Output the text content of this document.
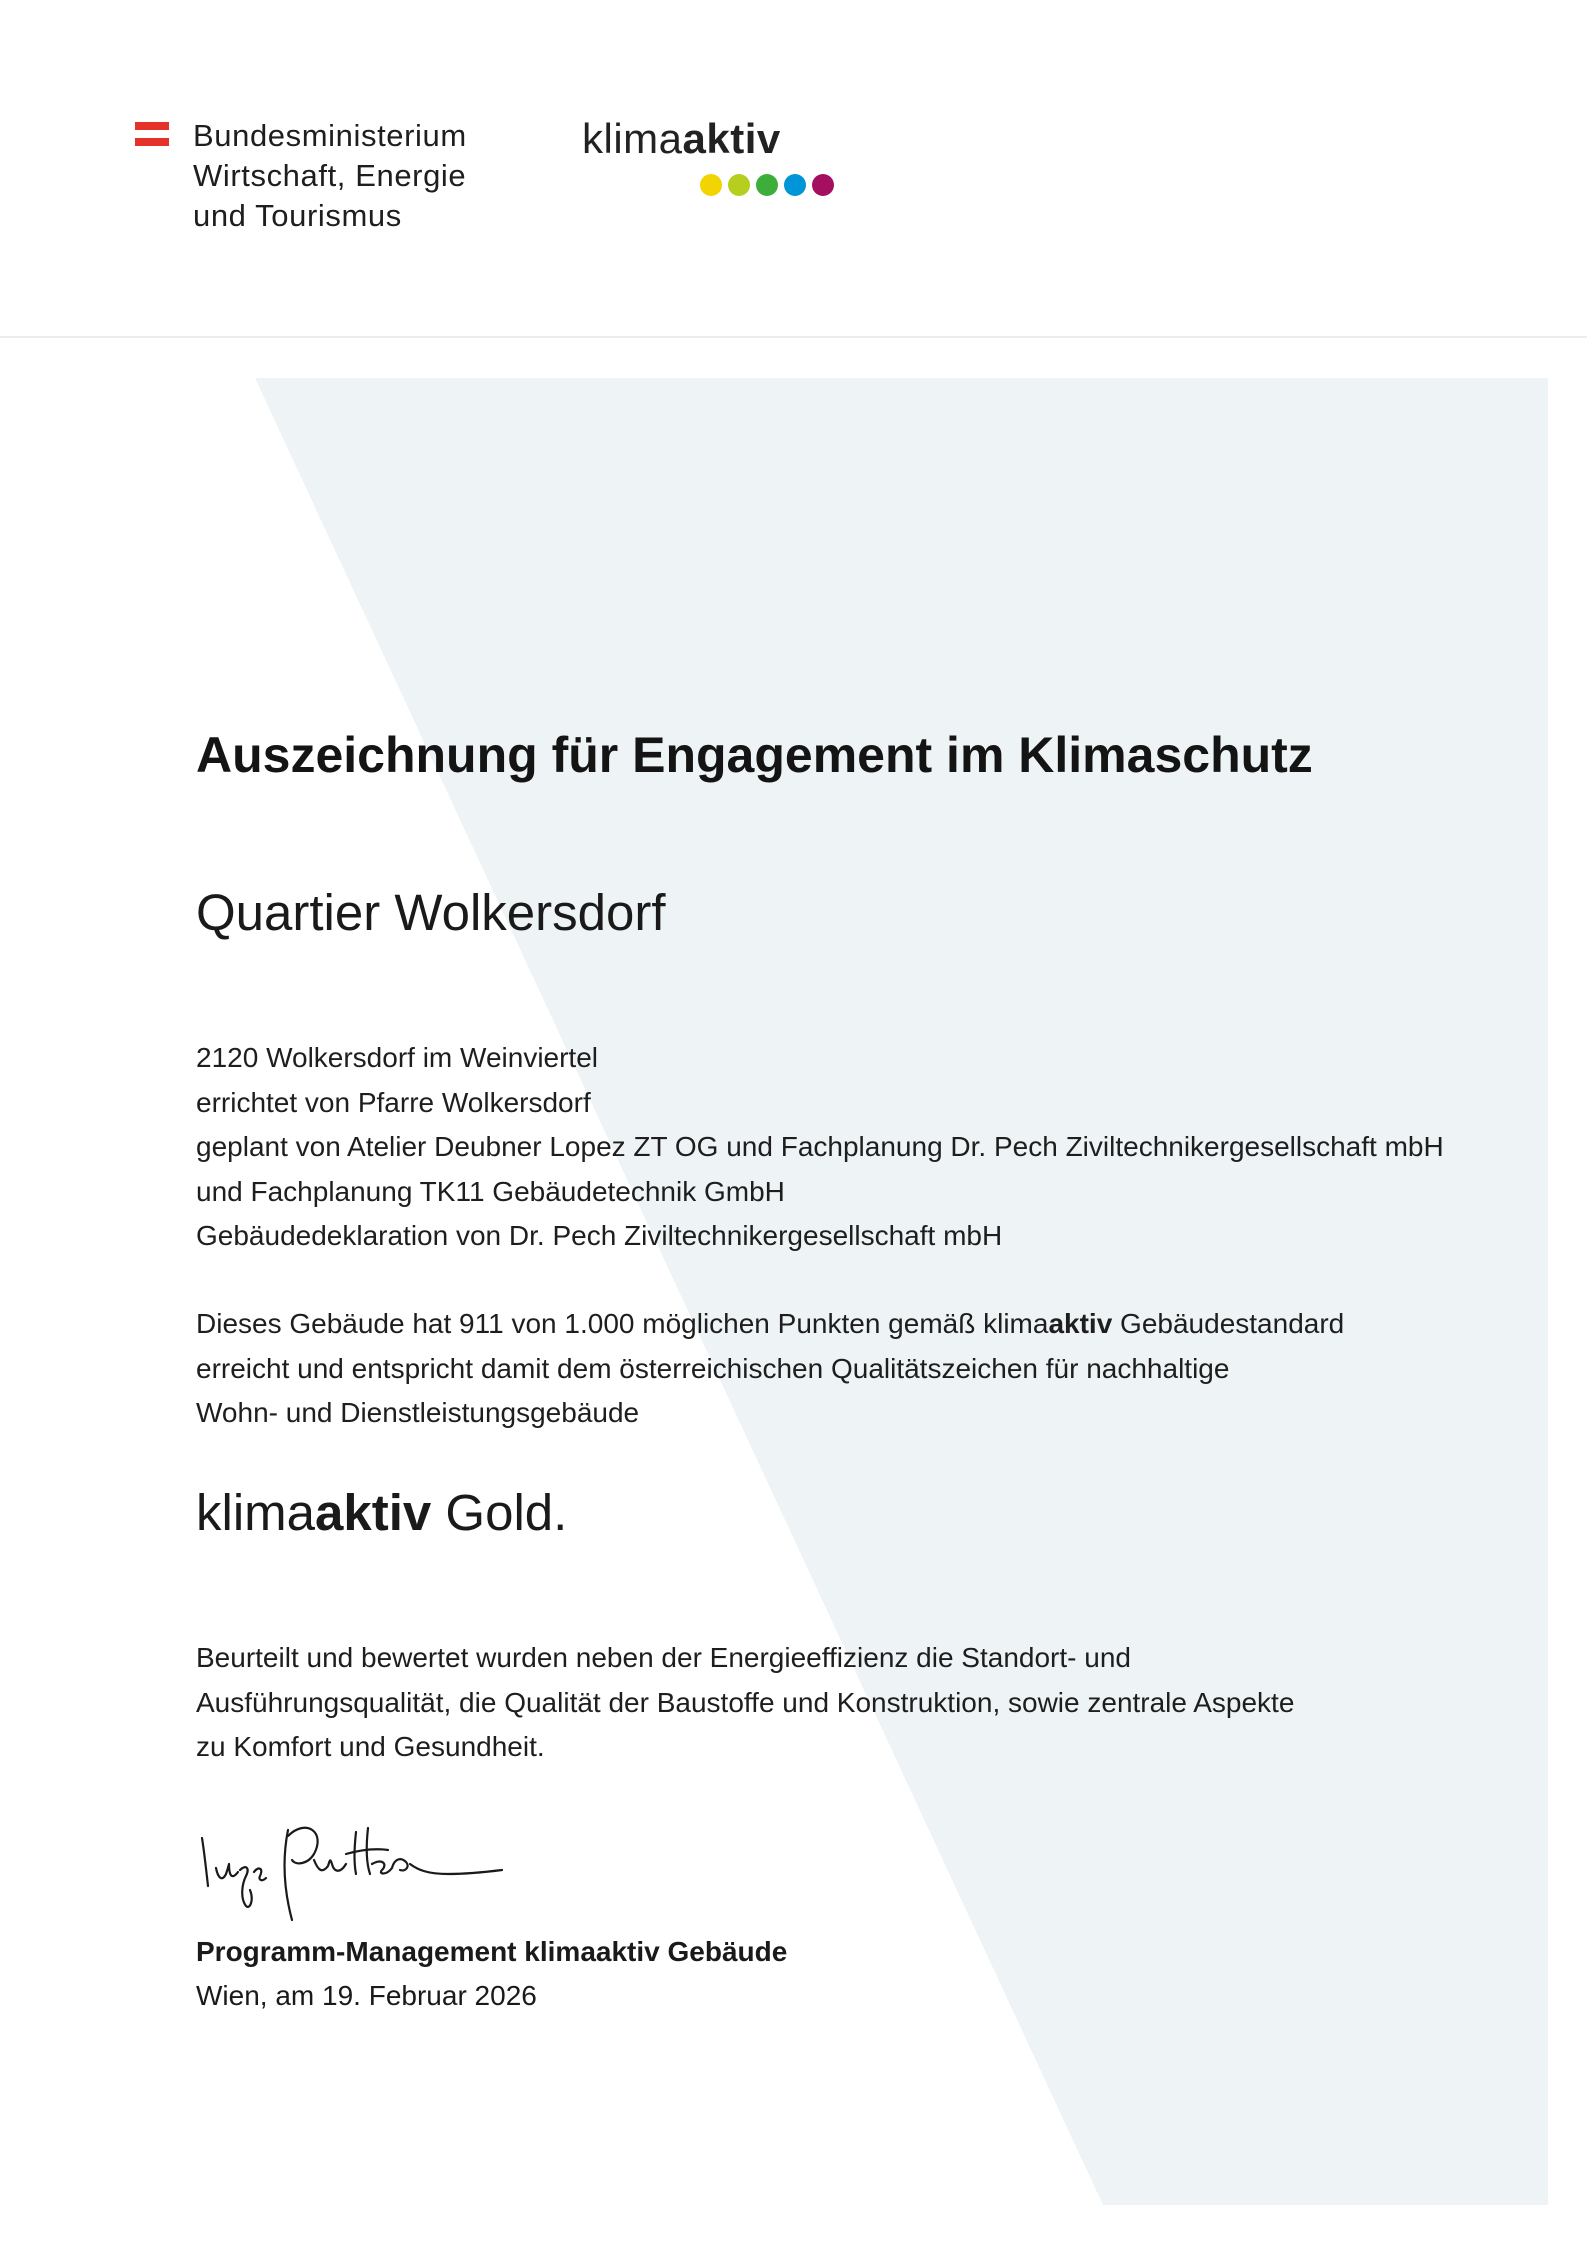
Bundesministerium
Wirtschaft, Energie
und Tourismus
klimaaktiv
Auszeichnung für Engagement im Klimaschutz
Quartier Wolkersdorf
2120 Wolkersdorf im Weinviertel
errichtet von Pfarre Wolkersdorf
geplant von Atelier Deubner Lopez ZT OG und Fachplanung Dr. Pech Ziviltechnikergesellschaft mbH
und Fachplanung TK11 Gebäudetechnik GmbH
Gebäudedeklaration von Dr. Pech Ziviltechnikergesellschaft mbH
Dieses Gebäude hat 911 von 1.000 möglichen Punkten gemäß klimaaktiv Gebäudestandard
erreicht und entspricht damit dem österreichischen Qualitätszeichen für nachhaltige
Wohn- und Dienstleistungsgebäude
klimaaktiv Gold.
Beurteilt und bewertet wurden neben der Energieeffizienz die Standort- und
Ausführungsqualität, die Qualität der Baustoffe und Konstruktion, sowie zentrale Aspekte
zu Komfort und Gesundheit.
Programm-Management klimaaktiv Gebäude
Wien, am 19. Februar 2026
